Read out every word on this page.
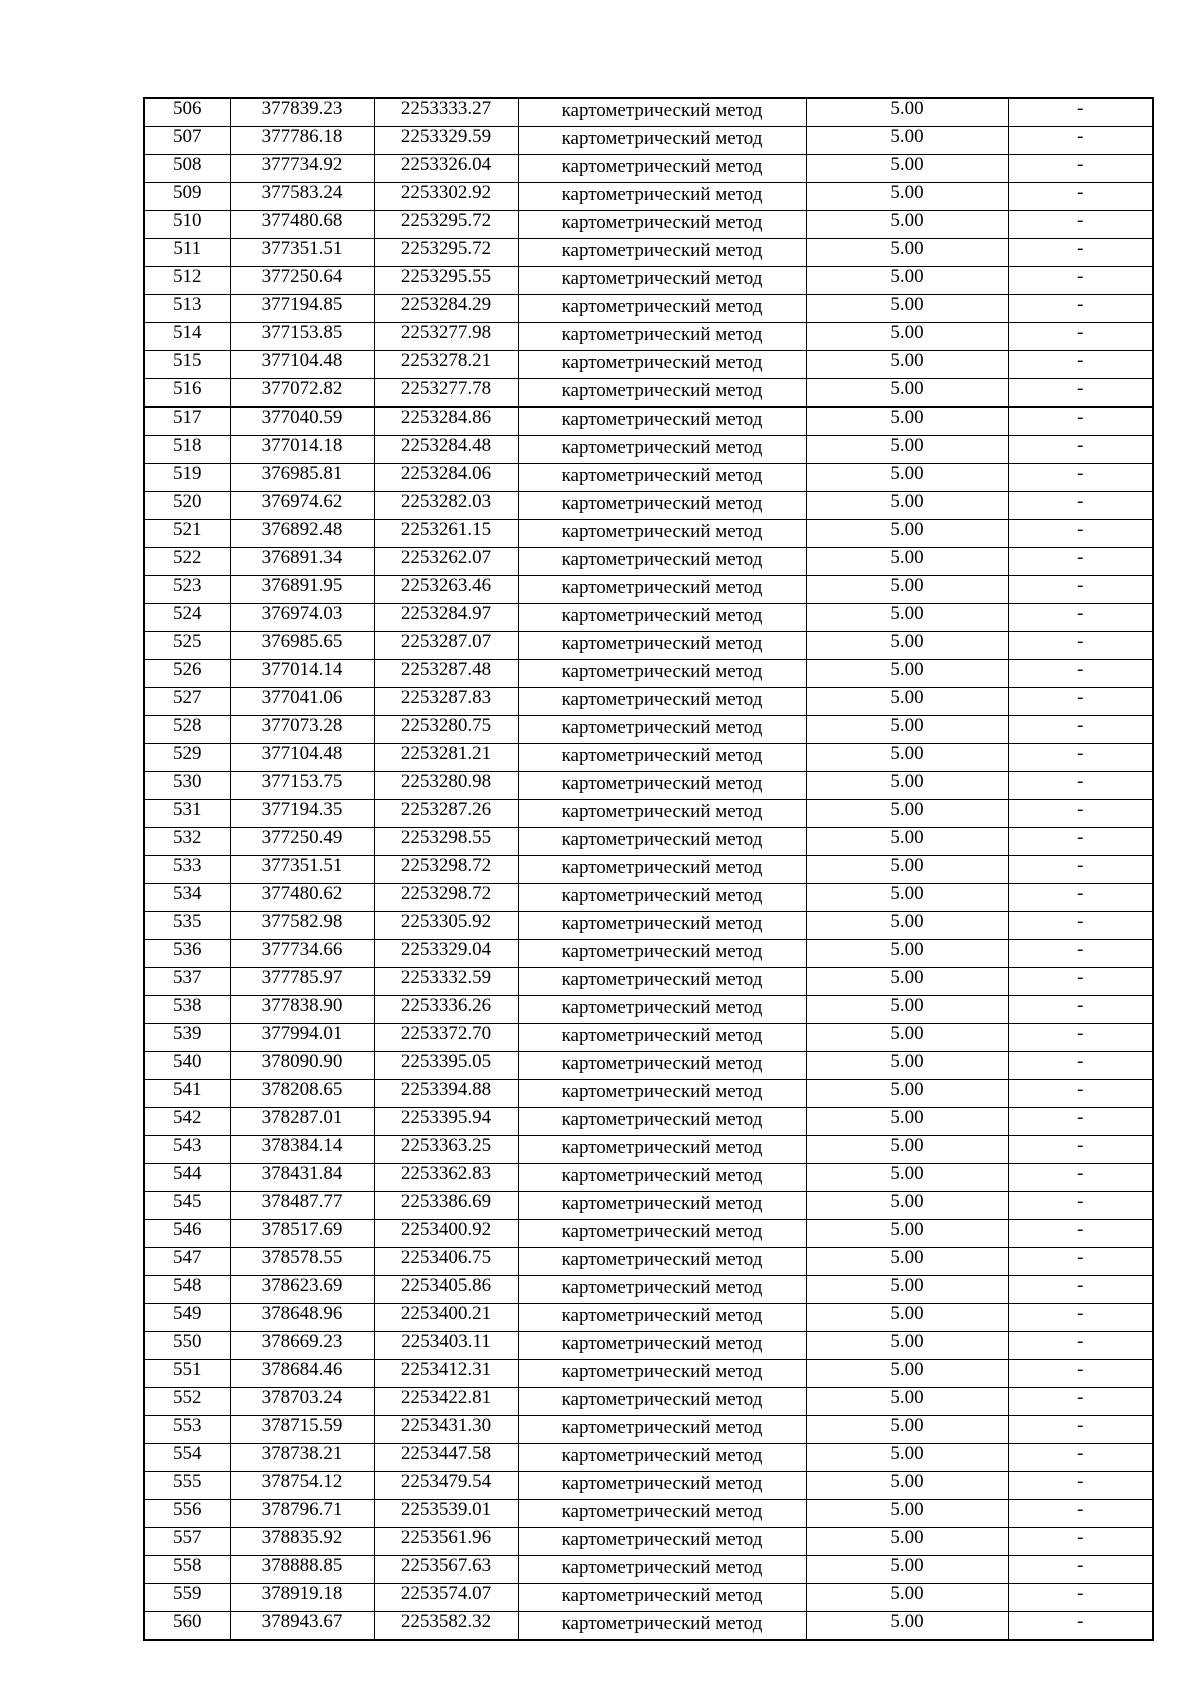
506	377839.23	2253333.27	картометрический метод	5.00	-
507	377786.18	2253329.59	картометрический метод	5.00	-
508	377734.92	2253326.04	картометрический метод	5.00	-
509	377583.24	2253302.92	картометрический метод	5.00	-
510	377480.68	2253295.72	картометрический метод	5.00	-
511	377351.51	2253295.72	картометрический метод	5.00	-
512	377250.64	2253295.55	картометрический метод	5.00	-
513	377194.85	2253284.29	картометрический метод	5.00	-
514	377153.85	2253277.98	картометрический метод	5.00	-
515	377104.48	2253278.21	картометрический метод	5.00	-
516	377072.82	2253277.78	картометрический метод	5.00	-
517	377040.59	2253284.86	картометрический метод	5.00	-
518	377014.18	2253284.48	картометрический метод	5.00	-
519	376985.81	2253284.06	картометрический метод	5.00	-
520	376974.62	2253282.03	картометрический метод	5.00	-
521	376892.48	2253261.15	картометрический метод	5.00	-
522	376891.34	2253262.07	картометрический метод	5.00	-
523	376891.95	2253263.46	картометрический метод	5.00	-
524	376974.03	2253284.97	картометрический метод	5.00	-
525	376985.65	2253287.07	картометрический метод	5.00	-
526	377014.14	2253287.48	картометрический метод	5.00	-
527	377041.06	2253287.83	картометрический метод	5.00	-
528	377073.28	2253280.75	картометрический метод	5.00	-
529	377104.48	2253281.21	картометрический метод	5.00	-
530	377153.75	2253280.98	картометрический метод	5.00	-
531	377194.35	2253287.26	картометрический метод	5.00	-
532	377250.49	2253298.55	картометрический метод	5.00	-
533	377351.51	2253298.72	картометрический метод	5.00	-
534	377480.62	2253298.72	картометрический метод	5.00	-
535	377582.98	2253305.92	картометрический метод	5.00	-
536	377734.66	2253329.04	картометрический метод	5.00	-
537	377785.97	2253332.59	картометрический метод	5.00	-
538	377838.90	2253336.26	картометрический метод	5.00	-
539	377994.01	2253372.70	картометрический метод	5.00	-
540	378090.90	2253395.05	картометрический метод	5.00	-
541	378208.65	2253394.88	картометрический метод	5.00	-
542	378287.01	2253395.94	картометрический метод	5.00	-
543	378384.14	2253363.25	картометрический метод	5.00	-
544	378431.84	2253362.83	картометрический метод	5.00	-
545	378487.77	2253386.69	картометрический метод	5.00	-
546	378517.69	2253400.92	картометрический метод	5.00	-
547	378578.55	2253406.75	картометрический метод	5.00	-
548	378623.69	2253405.86	картометрический метод	5.00	-
549	378648.96	2253400.21	картометрический метод	5.00	-
550	378669.23	2253403.11	картометрический метод	5.00	-
551	378684.46	2253412.31	картометрический метод	5.00	-
552	378703.24	2253422.81	картометрический метод	5.00	-
553	378715.59	2253431.30	картометрический метод	5.00	-
554	378738.21	2253447.58	картометрический метод	5.00	-
555	378754.12	2253479.54	картометрический метод	5.00	-
556	378796.71	2253539.01	картометрический метод	5.00	-
557	378835.92	2253561.96	картометрический метод	5.00	-
558	378888.85	2253567.63	картометрический метод	5.00	-
559	378919.18	2253574.07	картометрический метод	5.00	-
560	378943.67	2253582.32	картометрический метод	5.00	-
